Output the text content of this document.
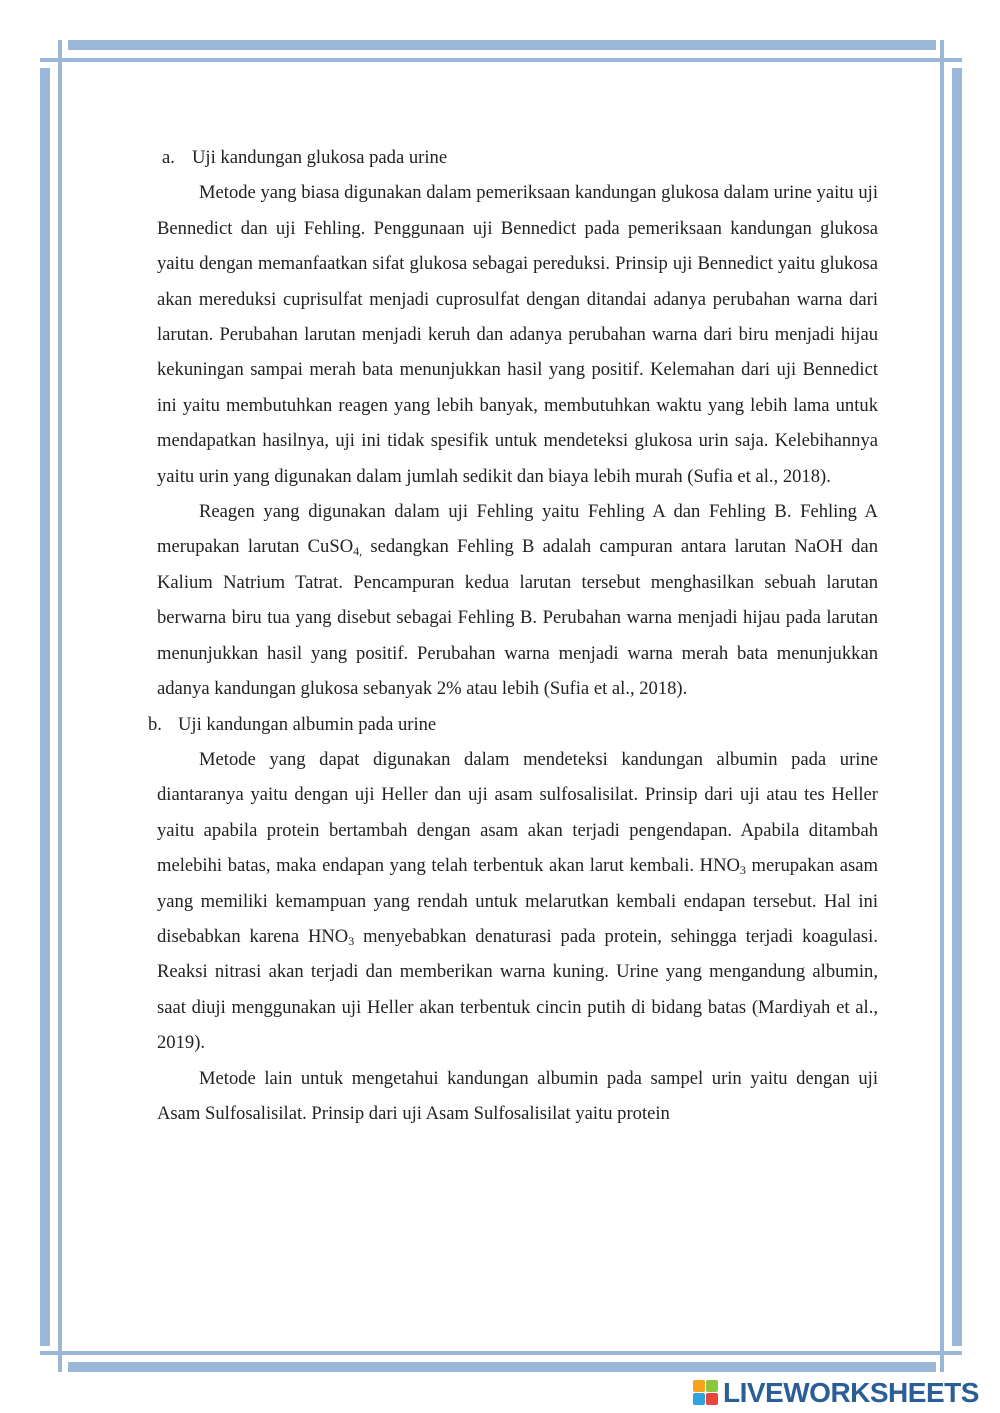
a. Uji kandungan glukosa pada urine

Metode yang biasa digunakan dalam pemeriksaan kandungan glukosa dalam urine yaitu uji Bennedict dan uji Fehling. Penggunaan uji Bennedict pada pemeriksaan kandungan glukosa yaitu dengan memanfaatkan sifat glukosa sebagai pereduksi. Prinsip uji Bennedict yaitu glukosa akan mereduksi cuprisulfat menjadi cuprosulfat dengan ditandai adanya perubahan warna dari larutan. Perubahan larutan menjadi keruh dan adanya perubahan warna dari biru menjadi hijau kekuningan sampai merah bata menunjukkan hasil yang positif. Kelemahan dari uji Bennedict ini yaitu membutuhkan reagen yang lebih banyak, membutuhkan waktu yang lebih lama untuk mendapatkan hasilnya, uji ini tidak spesifik untuk mendeteksi glukosa urin saja. Kelebihannya yaitu urin yang digunakan dalam jumlah sedikit dan biaya lebih murah (Sufia et al., 2018).

Reagen yang digunakan dalam uji Fehling yaitu Fehling A dan Fehling B. Fehling A merupakan larutan CuSO$_{4,}$ sedangkan Fehling B adalah campuran antara larutan NaOH dan Kalium Natrium Tatrat. Pencampuran kedua larutan tersebut menghasilkan sebuah larutan berwarna biru tua yang disebut sebagai Fehling B. Perubahan warna menjadi hijau pada larutan menunjukkan hasil yang positif. Perubahan warna menjadi warna merah bata menunjukkan adanya kandungan glukosa sebanyak 2% atau lebih (Sufia et al., 2018).

b. Uji kandungan albumin pada urine

Metode yang dapat digunakan dalam mendeteksi kandungan albumin pada urine diantaranya yaitu dengan uji Heller dan uji asam sulfosalisilat. Prinsip dari uji atau tes Heller yaitu apabila protein bertambah dengan asam akan terjadi pengendapan. Apabila ditambah melebihi batas, maka endapan yang telah terbentuk akan larut kembali. $HNO_3$ merupakan asam yang memiliki kemampuan yang rendah untuk melarutkan kembali endapan tersebut. Hal ini disebabkan karena $HNO_3$ menyebabkan denaturasi pada protein, sehingga terjadi koagulasi. Reaksi nitrasi akan terjadi dan memberikan warna kuning. Urine yang mengandung albumin, saat diuji menggunakan uji Heller akan terbentuk cincin putih di bidang batas (Mardiyah et al., 2019).

Metode lain untuk mengetahui kandungan albumin pada sampel urin yaitu dengan uji Asam Sulfosalisilat. Prinsip dari uji Asam Sulfosalisilat yaitu protein

LIVEWORKSHEETS
